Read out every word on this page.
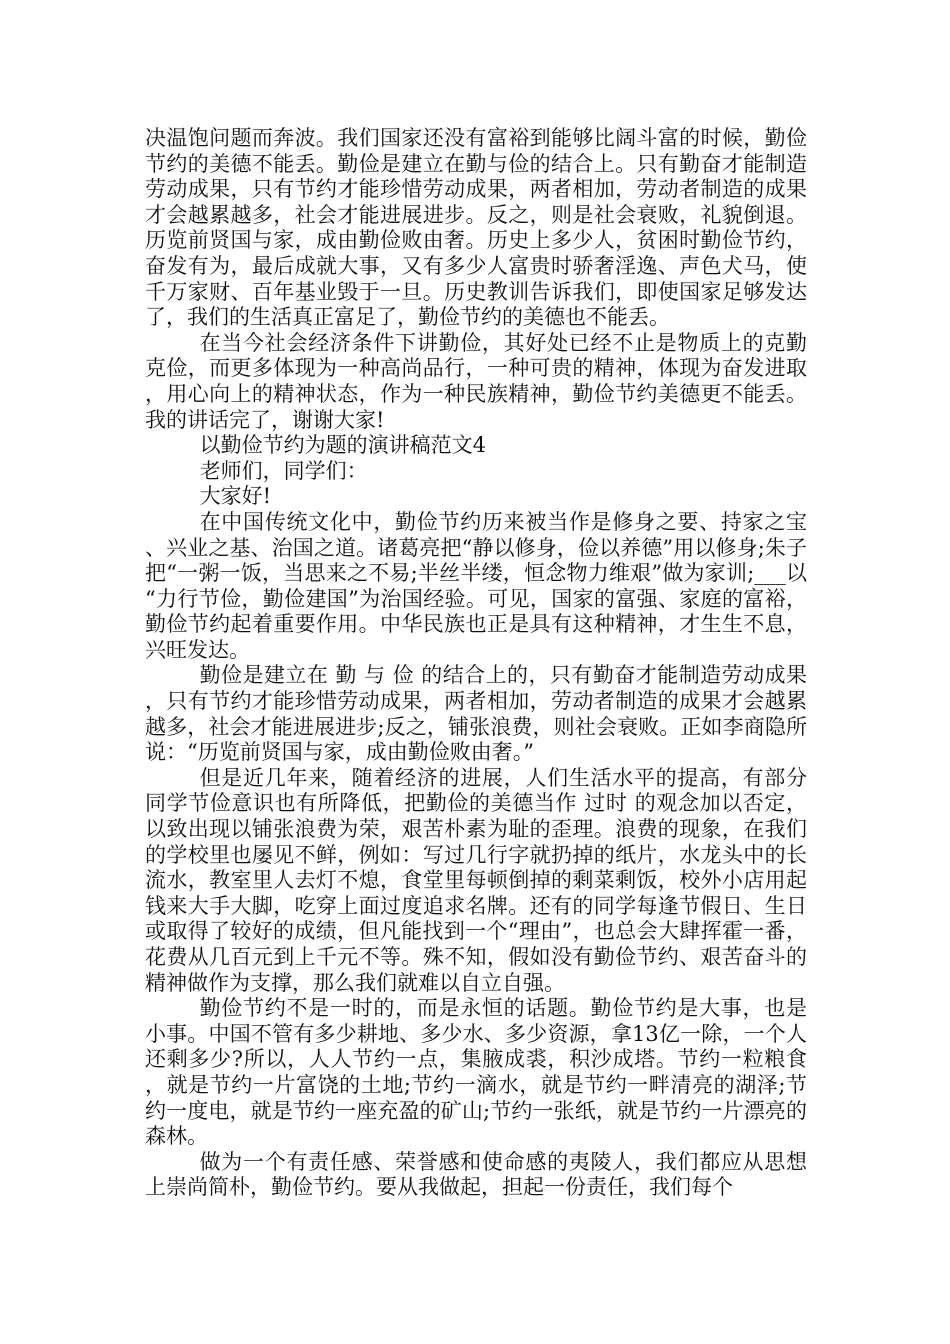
决温饱问题而奔波。我们国家还没有富裕到能够比阔斗富的时候，勤俭节约的美德不能丢。勤俭是建立在勤与俭的结合上。只有勤奋才能制造劳动成果，只有节约才能珍惜劳动成果，两者相加，劳动者制造的成果才会越累越多，社会才能进展进步。反之，则是社会衰败，礼貌倒退。历览前贤国与家，成由勤俭败由奢。历史上多少人，贫困时勤俭节约，奋发有为，最后成就大事，又有多少人富贵时骄奢淫逸、声色犬马，使千万家财、百年基业毁于一旦。历史教训告诉我们，即使国家足够发达了，我们的生活真正富足了，勤俭节约的美德也不能丢。

在当今社会经济条件下讲勤俭，其好处已经不止是物质上的克勤克俭，而更多体现为一种高尚品行，一种可贵的精神，体现为奋发进取，用心向上的精神状态，作为一种民族精神，勤俭节约美德更不能丢。我的讲话完了，谢谢大家!

以勤俭节约为题的演讲稿范文4

老师们，同学们：

大家好!

在中国传统文化中，勤俭节约历来被当作是修身之要、持家之宝、兴业之基、治国之道。诸葛亮把“静以修身，俭以养德”用以修身;朱子把“一粥一饭，当思来之不易;半丝半缕，恒念物力维艰”做为家训;___以“力行节俭，勤俭建国”为治国经验。可见，国家的富强、家庭的富裕，勤俭节约起着重要作用。中华民族也正是具有这种精神，才生生不息，兴旺发达。

勤俭是建立在 勤 与 俭 的结合上的，只有勤奋才能制造劳动成果，只有节约才能珍惜劳动成果，两者相加，劳动者制造的成果才会越累越多，社会才能进展进步;反之，铺张浪费，则社会衰败。正如李商隐所说：“历览前贤国与家，成由勤俭败由奢。”

但是近几年来，随着经济的进展，人们生活水平的提高，有部分同学节俭意识也有所降低，把勤俭的美德当作 过时 的观念加以否定，以致出现以铺张浪费为荣，艰苦朴素为耻的歪理。浪费的现象，在我们的学校里也屡见不鲜，例如：写过几行字就扔掉的纸片，水龙头中的长流水，教室里人去灯不熄，食堂里每顿倒掉的剩菜剩饭，校外小店用起钱来大手大脚，吃穿上面过度追求名牌。还有的同学每逢节假日、生日或取得了较好的成绩，但凡能找到一个“理由”，也总会大肆挥霍一番，花费从几百元到上千元不等。殊不知，假如没有勤俭节约、艰苦奋斗的精神做作为支撑，那么我们就难以自立自强。

勤俭节约不是一时的，而是永恒的话题。勤俭节约是大事，也是小事。中国不管有多少耕地、多少水、多少资源，拿13亿一除，一个人还剩多少?所以，人人节约一点，集腋成裘，积沙成塔。节约一粒粮食，就是节约一片富饶的土地;节约一滴水，就是节约一畔清亮的湖泽;节约一度电，就是节约一座充盈的矿山;节约一张纸，就是节约一片漂亮的森林。

做为一个有责任感、荣誉感和使命感的夷陵人，我们都应从思想上崇尚简朴，勤俭节约。要从我做起，担起一份责任，我们每个
